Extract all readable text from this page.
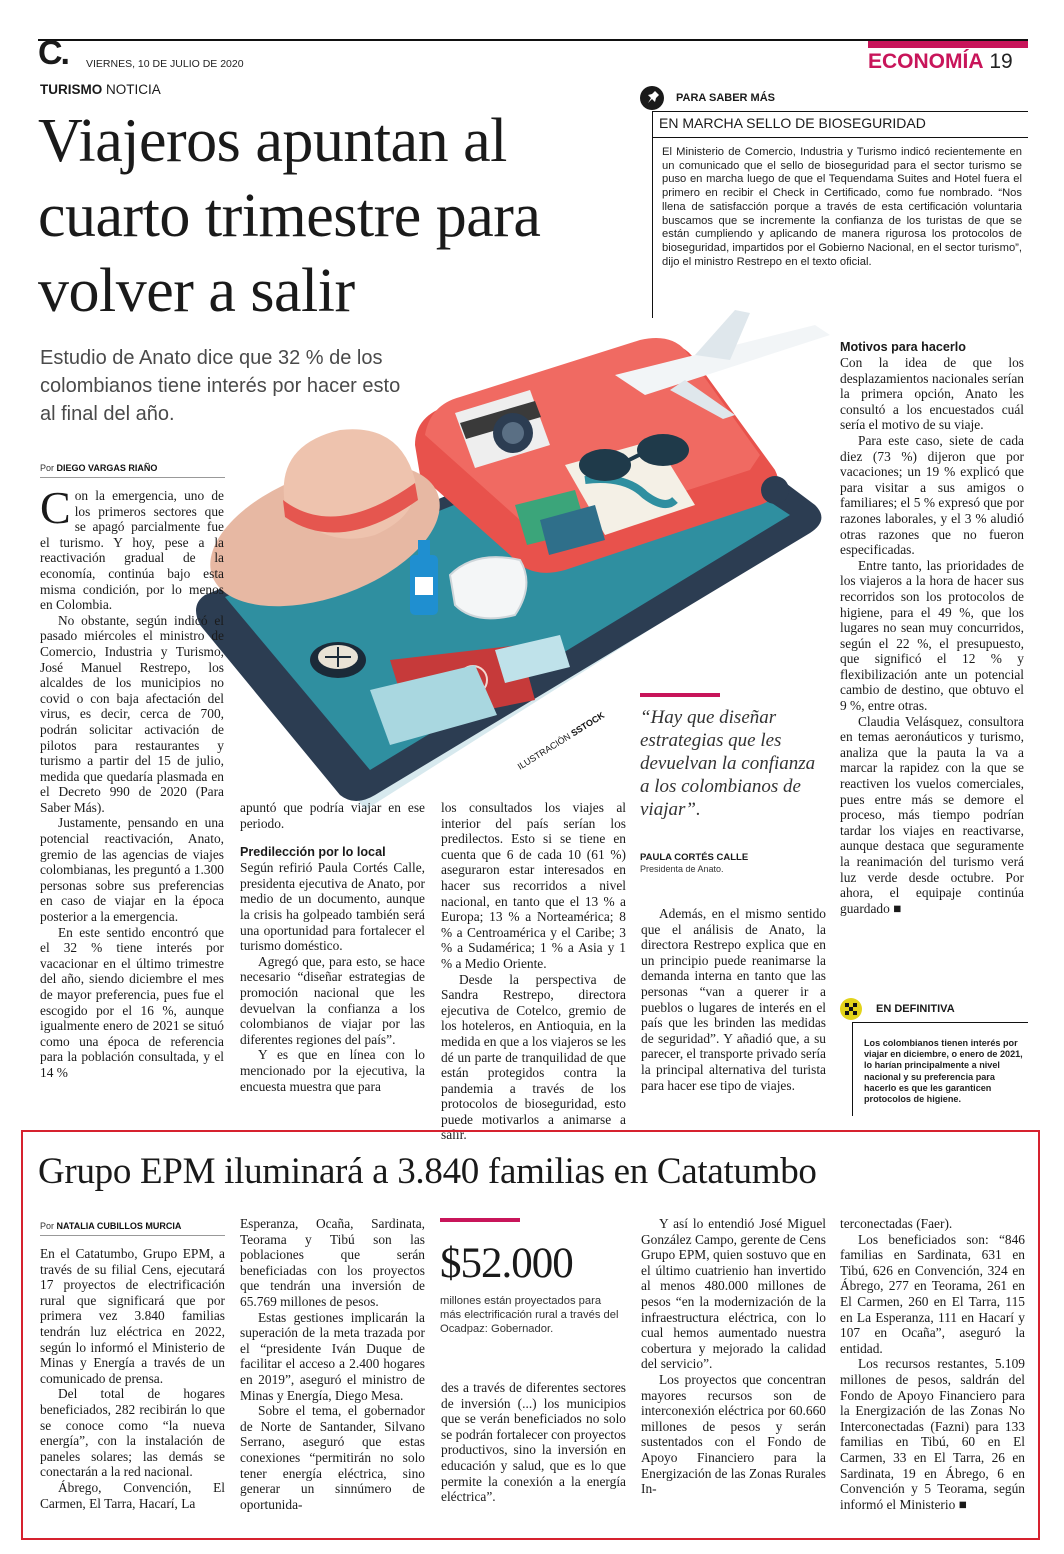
C. VIERNES, 10 DE JULIO DE 2020	ECONOMÍA 19
TURISMO NOTICIA
Viajeros apuntan al cuarto trimestre para volver a salir
Estudio de Anato dice que 32 % de los colombianos tiene interés por hacer esto al final del año.
Por DIEGO VARGAS RIAÑO
PARA SABER MÁS
EN MARCHA SELLO DE BIOSEGURIDAD
El Ministerio de Comercio, Industria y Turismo indicó recientemente en un comunicado que el sello de bioseguridad para el sector turismo se puso en marcha luego de que el Tequendama Suites and Hotel fuera el primero en recibir el Check in Certificado, como fue nombrado. “Nos llena de satisfacción porque a través de esta certificación voluntaria buscamos que se incremente la confianza de los turistas de que se están cumpliendo y aplicando de manera rigurosa los protocolos de bioseguridad, impartidos por el Gobierno Nacional, en el sector turismo”, dijo el ministro Restrepo en el texto oficial.
ILUSTRACIÓN SSTOCK

Con la emergencia, uno de los primeros sectores que se apagó parcialmente fue el turismo. Y hoy, pese a la reactivación gradual de la economía, continúa bajo esta misma condición, por lo menos en Colombia.

No obstante, según indicó el pasado miércoles el ministro de Comercio, Industria y Turismo, José Manuel Restrepo, los alcaldes de los municipios no covid o con baja afectación del virus, es decir, cerca de 700, podrán solicitar activación de pilotos para restaurantes y turismo a partir del 15 de julio, medida que quedaría plasmada en el Decreto 990 de 2020 (Para Saber Más).

Justamente, pensando en una potencial reactivación, Anato, gremio de las agencias de viajes colombianas, les preguntó a 1.300 personas sobre sus preferencias en caso de viajar en la época posterior a la emergencia.

En este sentido encontró que el 32 % tiene interés por vacacionar en el último trimestre del año, siendo diciembre el mes de mayor preferencia, pues fue el escogido por el 16 %, aunque igualmente enero de 2021 se situó como una época de referencia para la población consultada, y el 14 %

apuntó que podría viajar en ese periodo.

Predilección por lo local

Según refirió Paula Cortés Calle, presidenta ejecutiva de Anato, por medio de un documento, aunque la crisis ha golpeado también será una oportunidad para fortalecer el turismo doméstico.

Agregó que, para esto, se hace necesario “diseñar estrategias de promoción nacional que les devuelvan la confianza a los colombianos de viajar por las diferentes regiones del país”.

Y es que en línea con lo mencionado por la ejecutiva, la encuesta muestra que para

los consultados los viajes al interior del país serían los predilectos. Esto si se tiene en cuenta que 6 de cada 10 (61 %) aseguraron estar interesados en hacer sus recorridos a nivel nacional, en tanto que el 13 % a Europa; 13 % a Norteamérica; 8 % a Centroamérica y el Caribe; 3 % a Sudamérica; 1 % a Asia y 1 % a Medio Oriente.

Desde la perspectiva de Sandra Restrepo, directora ejecutiva de Cotelco, gremio de los hoteleros, en Antioquia, en la medida en que a los viajeros se les dé un parte de tranquilidad de que están protegidos contra la pandemia a través de los protocolos de bioseguridad, esto puede motivarlos a animarse a salir.

“Hay que diseñar estrategias que les devuelvan la confianza a los colombianos de viajar”.
PAULA CORTÉS CALLE
Presidenta de Anato.

Además, en el mismo sentido que el análisis de Anato, la directora Restrepo explica que en un principio puede reanimarse la demanda interna en tanto que las personas “van a querer ir a pueblos o lugares de interés en el país que les brinden las medidas de seguridad”. Y añadió que, a su parecer, el transporte privado sería la principal alternativa del turista para hacer ese tipo de viajes.

Motivos para hacerlo

Con la idea de que los desplazamientos nacionales serían la primera opción, Anato les consultó a los encuestados cuál sería el motivo de su viaje.

Para este caso, siete de cada diez (73 %) dijeron que por vacaciones; un 19 % explicó que para visitar a sus amigos o familiares; el 5 % expresó que por razones laborales, y el 3 % aludió otras razones que no fueron especificadas.

Entre tanto, las prioridades de los viajeros a la hora de hacer sus recorridos son los protocolos de higiene, para el 49 %, que los lugares no sean muy concurridos, según el 22 %, el presupuesto, que significó el 12 % y flexibilización ante un potencial cambio de destino, que obtuvo el 9 %, entre otras.

Claudia Velásquez, consultora en temas aeronáuticos y turismo, analiza que la pauta la va a marcar la rapidez con la que se reactiven los vuelos comerciales, pues entre más se demore el proceso, más tiempo podrían tardar los viajes en reactivarse, aunque destaca que seguramente la reanimación del turismo verá luz verde desde octubre. Por ahora, el equipaje continúa guardado ■

EN DEFINITIVA
Los colombianos tienen interés por viajar en diciembre, o enero de 2021, lo harían principalmente a nivel nacional y su preferencia para hacerlo es que les garanticen protocolos de higiene.
Grupo EPM iluminará a 3.840 familias en Catatumbo
Por NATALIA CUBILLOS MURCIA

En el Catatumbo, Grupo EPM, a través de su filial Cens, ejecutará 17 proyectos de electrificación rural que significará que por primera vez 3.840 familias tendrán luz eléctrica en 2022, según lo informó el Ministerio de Minas y Energía a través de un comunicado de prensa.

Del total de hogares beneficiados, 282 recibirán lo que se conoce como “la nueva energía”, con la instalación de paneles solares; las demás se conectarán a la red nacional.

Ábrego, Convención, El Carmen, El Tarra, Hacarí, La

Esperanza, Ocaña, Sardinata, Teorama y Tibú son las poblaciones que serán beneficiadas con los proyectos que tendrán una inversión de 65.769 millones de pesos.

Estas gestiones implicarán la superación de la meta trazada por el “presidente Iván Duque de facilitar el acceso a 2.400 hogares en 2019”, aseguró el ministro de Minas y Energía, Diego Mesa.

Sobre el tema, el gobernador de Norte de Santander, Silvano Serrano, aseguró que estas conexiones “permitirán no solo tener energía eléctrica, sino generar un sinnúmero de oportunida-

$52.000
millones están proyectados para más electrificación rural a través del Ocadpaz: Gobernador.

des a través de diferentes sectores de inversión (...) los municipios que se verán beneficiados no solo se podrán fortalecer con proyectos productivos, sino la inversión en educación y salud, que es lo que permite la conexión a la energía eléctrica”.

Y así lo entendió José Miguel González Campo, gerente de Cens Grupo EPM, quien sostuvo que en el último cuatrienio han invertido al menos 480.000 millones de pesos “en la modernización de la infraestructura eléctrica, con lo cual hemos aumentado nuestra cobertura y mejorado la calidad del servicio”.

Los proyectos que concentran mayores recursos son de interconexión eléctrica por 60.660 millones de pesos y serán sustentados con el Fondo de Apoyo Financiero para la Energización de las Zonas Rurales In-

terconectadas (Faer).

Los beneficiados son: “846 familias en Sardinata, 631 en Tibú, 626 en Convención, 324 en Ábrego, 277 en Teorama, 261 en El Carmen, 260 en El Tarra, 115 en La Esperanza, 111 en Hacarí y 107 en Ocaña”, aseguró la entidad.

Los recursos restantes, 5.109 millones de pesos, saldrán del Fondo de Apoyo Financiero para la Energización de las Zonas No Interconectadas (Fazni) para 133 familias en Tibú, 60 en El Carmen, 33 en El Tarra, 26 en Sardinata, 19 en Ábrego, 6 en Convención y 5 Teorama, según informó el Ministerio ■
